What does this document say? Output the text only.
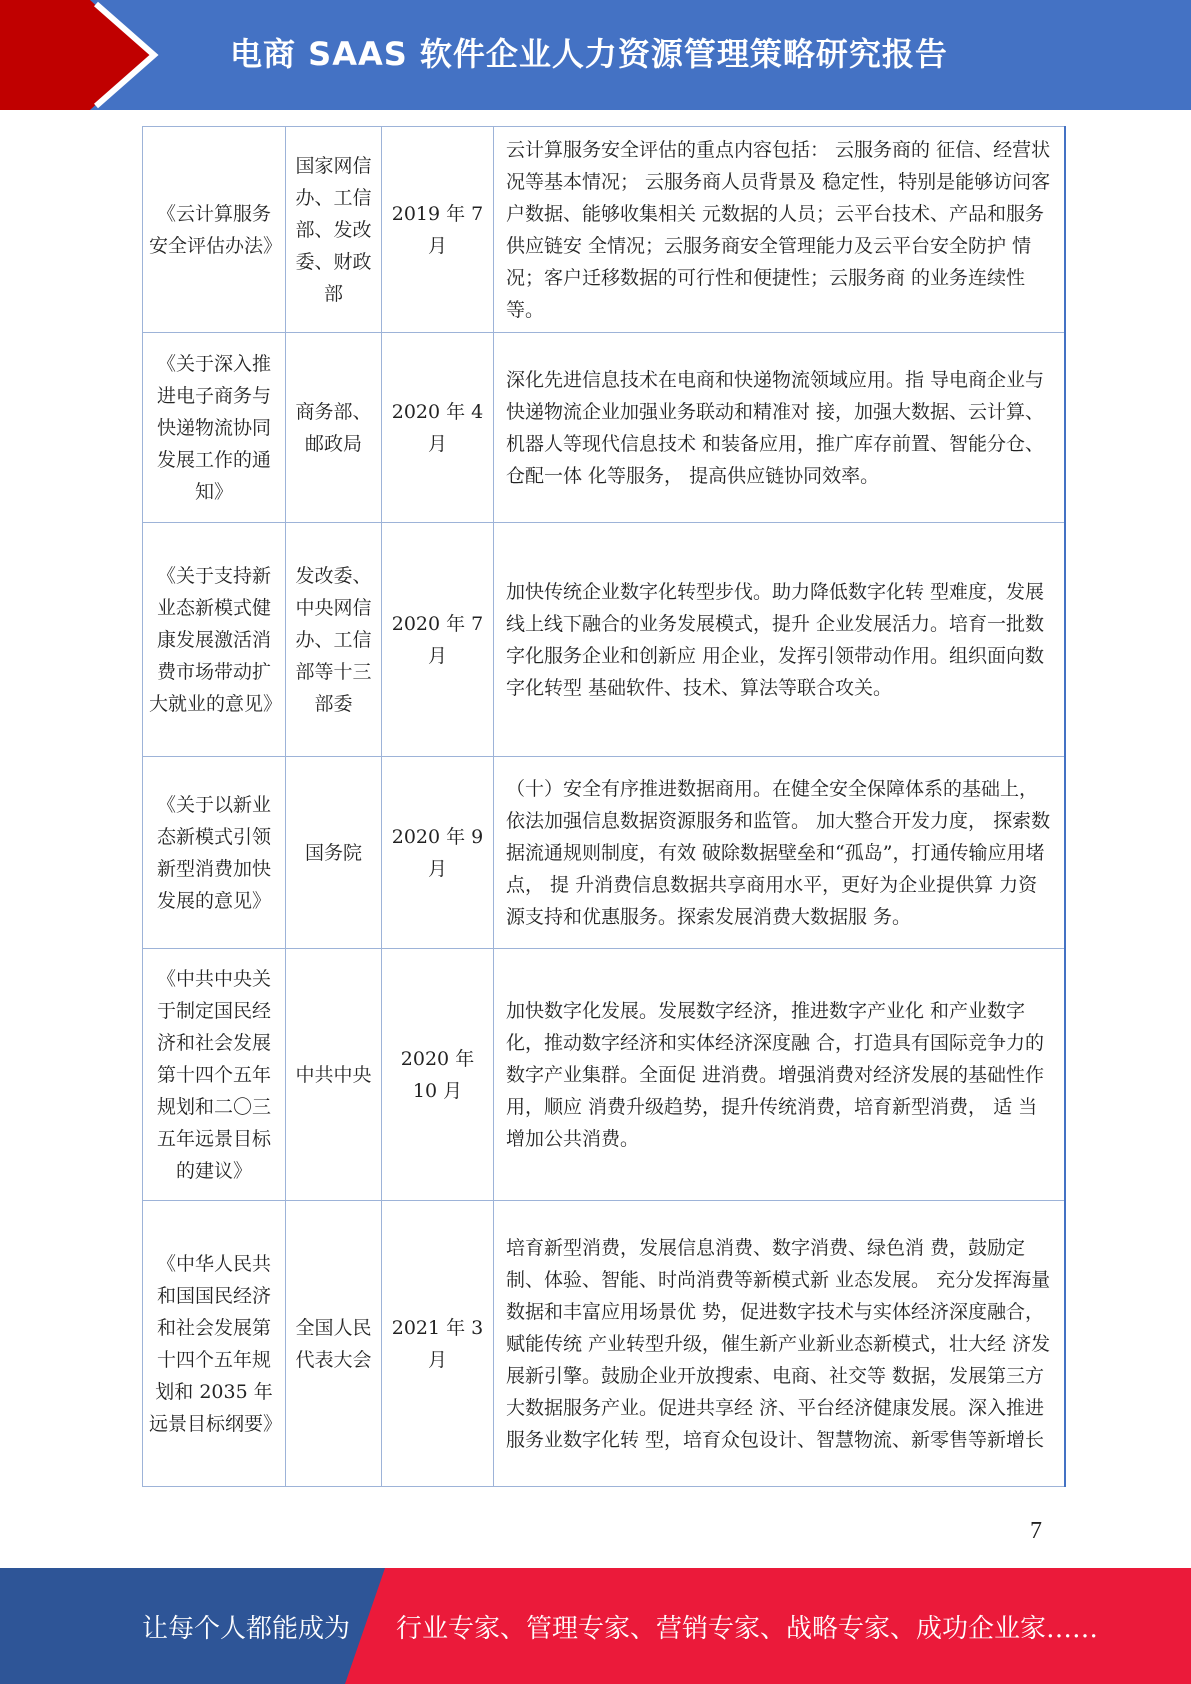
电商 SAAS 软件企业人力资源管理策略研究报告
《云计算服务安全评估办法》	国家网信办、工信部、发改委、财政部	2019 年 7 月	云计算服务安全评估的重点内容包括： 云服务商的 征信、经营状况等基本情况； 云服务商人员背景及 稳定性，特别是能够访问客户数据、能够收集相关 元数据的人员；云平台技术、产品和服务供应链安 全情况；云服务商安全管理能力及云平台安全防护 情况；客户迁移数据的可行性和便捷性；云服务商 的业务连续性等。
《关于深入推进电子商务与快递物流协同发展工作的通知》	商务部、邮政局	2020 年 4 月	深化先进信息技术在电商和快递物流领域应用。指 导电商企业与快递物流企业加强业务联动和精准对 接，加强大数据、云计算、机器人等现代信息技术 和装备应用，推广库存前置、智能分仓、仓配一体 化等服务， 提高供应链协同效率。
《关于支持新业态新模式健康发展激活消费市场带动扩大就业的意见》	发改委、中央网信办、工信部等十三部委	2020 年 7 月	加快传统企业数字化转型步伐。助力降低数字化转 型难度，发展线上线下融合的业务发展模式，提升 企业发展活力。培育一批数字化服务企业和创新应 用企业，发挥引领带动作用。组织面向数字化转型 基础软件、技术、算法等联合攻关。
《关于以新业态新模式引领新型消费加快发展的意见》	国务院	2020 年 9 月	（十）安全有序推进数据商用。在健全安全保障体系的基础上，依法加强信息数据资源服务和监管。 加大整合开发力度， 探索数据流通规则制度，有效 破除数据壁垒和“孤岛”，打通传输应用堵点， 提 升消费信息数据共享商用水平，更好为企业提供算 力资源支持和优惠服务。探索发展消费大数据服 务。
《中共中央关于制定国民经济和社会发展第十四个五年规划和二〇三五年远景目标的建议》	中共中央	2020 年 10 月	加快数字化发展。发展数字经济，推进数字产业化 和产业数字化，推动数字经济和实体经济深度融 合，打造具有国际竞争力的数字产业集群。全面促 进消费。增强消费对经济发展的基础性作用，顺应 消费升级趋势，提升传统消费，培育新型消费， 适 当增加公共消费。
《中华人民共和国国民经济和社会发展第十四个五年规划和 2035 年远景目标纲要》	全国人民代表大会	2021 年 3 月	培育新型消费，发展信息消费、数字消费、绿色消 费，鼓励定制、体验、智能、时尚消费等新模式新 业态发展。 充分发挥海量数据和丰富应用场景优 势，促进数字技术与实体经济深度融合，赋能传统 产业转型升级，催生新产业新业态新模式，壮大经 济发展新引擎。鼓励企业开放搜索、电商、社交等 数据，发展第三方大数据服务产业。促进共享经 济、平台经济健康发展。深入推进服务业数字化转 型，培育众包设计、智慧物流、新零售等新增长
7
让每个人都能成为 行业专家、管理专家、营销专家、战略专家、成功企业家……
